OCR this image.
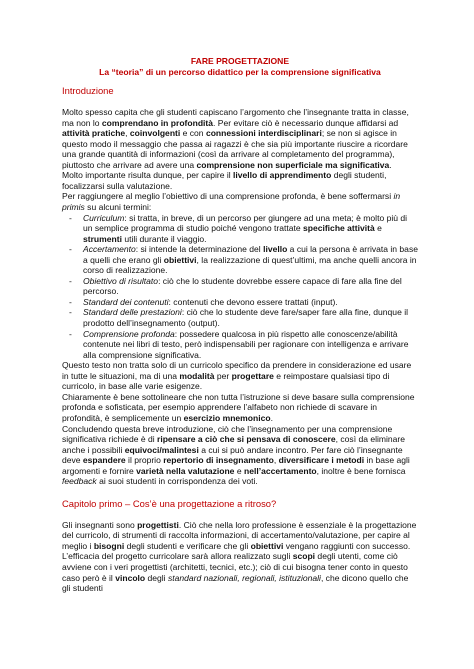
FARE PROGETTAZIONE
La “teoria” di un percorso didattico per la comprensione significativa
Introduzione

Molto spesso capita che gli studenti capiscano l’argomento che l’insegnante tratta in classe, ma non lo comprendano in profondità. Per evitare ciò è necessario dunque affidarsi ad attività pratiche, coinvolgenti e con connessioni interdisciplinari; se non si agisce in questo modo il messaggio che passa ai ragazzi è che sia più importante riuscire a ricordare una grande quantità di informazioni (così da arrivare al completamento del programma), piuttosto che arrivare ad avere una comprensione non superficiale ma significativa.

Molto importante risulta dunque, per capire il livello di apprendimento degli studenti, focalizzarsi sulla valutazione.

Per raggiungere al meglio l’obiettivo di una comprensione profonda, è bene soffermarsi in primis su alcuni termini:

- Curriculum: si tratta, in breve, di un percorso per giungere ad una meta; è molto più di un semplice programma di studio poiché vengono trattate specifiche attività e strumenti utili durante il viaggio.
- Accertamento: si intende la determinazione del livello a cui la persona è arrivata in base a quelli che erano gli obiettivi, la realizzazione di quest’ultimi, ma anche quelli ancora in corso di realizzazione.
- Obiettivo di risultato: ciò che lo studente dovrebbe essere capace di fare alla fine del percorso.
- Standard dei contenuti: contenuti che devono essere trattati (input).
- Standard delle prestazioni: ciò che lo studente deve fare/saper fare alla fine, dunque il prodotto dell’insegnamento (output).
- Comprensione profonda: possedere qualcosa in più rispetto alle conoscenze/abilità contenute nei libri di testo, però indispensabili per ragionare con intelligenza e arrivare alla comprensione significativa.

Questo testo non tratta solo di un curricolo specifico da prendere in considerazione ed usare in tutte le situazioni, ma di una modalità per progettare e reimpostare qualsiasi tipo di curricolo, in base alle varie esigenze.

Chiaramente è bene sottolineare che non tutta l’istruzione si deve basare sulla comprensione profonda e sofisticata, per esempio apprendere l’alfabeto non richiede di scavare in profondità, è semplicemente un esercizio mnemonico.

Concludendo questa breve introduzione, ciò che l’insegnamento per una comprensione significativa richiede è di ripensare a ciò che si pensava di conoscere, così da eliminare anche i possibili equivoci/malintesi a cui si può andare incontro. Per fare ciò l’insegnante deve espandere il proprio repertorio di insegnamento, diversificare i metodi in base agli argomenti e fornire varietà nella valutazione e nell’accertamento, inoltre è bene fornisca feedback ai suoi studenti in corrispondenza dei voti.

Capitolo primo – Cos’è una progettazione a ritroso?

Gli insegnanti sono progettisti. Ciò che nella loro professione è essenziale è la progettazione del curricolo, di strumenti di raccolta informazioni, di accertamento/valutazione, per capire al meglio i bisogni degli studenti e verificare che gli obiettivi vengano raggiunti con successo.

L’efficacia del progetto curricolare sarà allora realizzato sugli scopi degli utenti, come ciò avviene con i veri progettisti (architetti, tecnici, etc.); ciò di cui bisogna tener conto in questo caso però è il vincolo degli standard nazionali, regionali, istituzionali, che dicono quello che gli studenti
